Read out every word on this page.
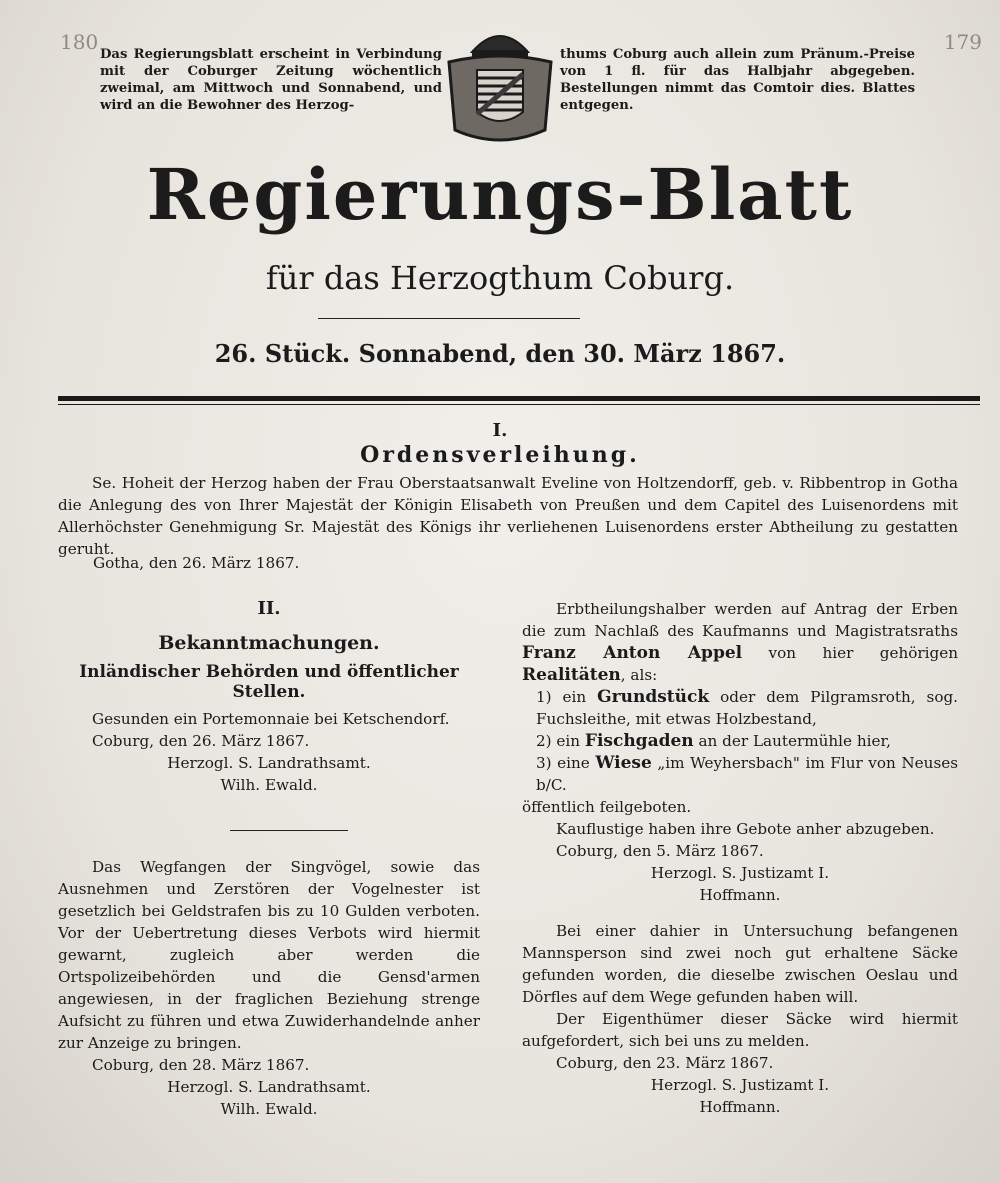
180	179
Das Regierungsblatt erscheint in Verbindung mit der Coburger Zeitung wöchentlich zweimal, am Mittwoch und Sonnabend, und wird an die Bewohner des Herzog-
thums Coburg auch allein zum Pränum.-Preise von 1 fl. für das Halbjahr abgegeben. Bestellungen nimmt das Comtoir dies. Blattes entgegen.
Regierungs-Blatt
für das Herzogthum Coburg.
26. Stück. Sonnabend, den 30. März 1867.
I.
Ordensverleihung.

Se. Hoheit der Herzog haben der Frau Oberstaatsanwalt Eveline von Holtzendorff, geb. v. Ribbentrop in Gotha die Anlegung des von Ihrer Majestät der Königin Elisabeth von Preußen und dem Capitel des Luisenordens mit Allerhöchster Genehmigung Sr. Majestät des Königs ihr verliehenen Luisenordens erster Abtheilung zu gestatten geruht.

Gotha, den 26. März 1867.
II.
Bekanntmachungen.
Inländischer Behörden und öffentlicher Stellen.

Gesunden ein Portemonnaie bei Ketschendorf.

Coburg, den 26. März 1867.
Herzogl. S. Landrathsamt.
Wilh. Ewald.

Das Wegfangen der Singvögel, sowie das Ausnehmen und Zerstören der Vogelnester ist gesetzlich bei Geldstrafen bis zu 10 Gulden verboten. Vor der Uebertretung dieses Verbots wird hiermit gewarnt, zugleich aber werden die Ortspolizeibehörden und die Gensd'armen angewiesen, in der fraglichen Beziehung strenge Aufsicht zu führen und etwa Zuwiderhandelnde anher zur Anzeige zu bringen.

Coburg, den 28. März 1867.
Herzogl. S. Landrathsamt.
Wilh. Ewald.

Erbtheilungshalber werden auf Antrag der Erben die zum Nachlaß des Kaufmanns und Magistratsraths Franz Anton Appel von hier gehörigen Realitäten, als:

1) ein Grundstück oder dem Pilgramsroth, sog. Fuchsleithe, mit etwas Holzbestand,
2) ein Fischgaden an der Lautermühle hier,
3) eine Wiese „im Weyhersbach" im Flur von Neuses b/C.
öffentlich feilgeboten.

Kauflustige haben ihre Gebote anher abzugeben.

Coburg, den 5. März 1867.
Herzogl. S. Justizamt I.
Hoffmann.

Bei einer dahier in Untersuchung befangenen Mannsperson sind zwei noch gut erhaltene Säcke gefunden worden, die dieselbe zwischen Oeslau und Dörfles auf dem Wege gefunden haben will.

Der Eigenthümer dieser Säcke wird hiermit aufgefordert, sich bei uns zu melden.

Coburg, den 23. März 1867.
Herzogl. S. Justizamt I.
Hoffmann.
